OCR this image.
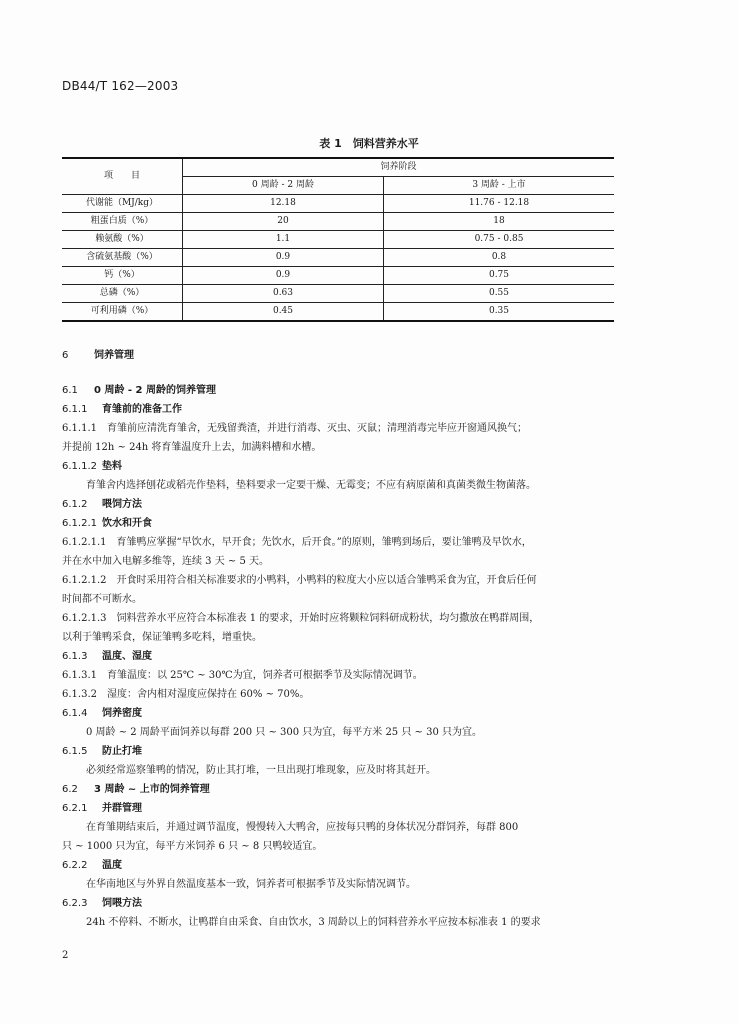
DB44/T 162—2003
表 1　饲料营养水平
项　　目	饲养阶段	
	0 周龄 - 2 周龄	3 周龄 - 上市
代谢能（MJ/kg）	12.18	11.76 - 12.18
粗蛋白质（%）	20	18
赖氨酸（%）	1.1	0.75 - 0.85
含硫氨基酸（%）	0.9	0.8
钙（%）	0.9	0.75
总磷（%）	0.63	0.55
可利用磷（%）	0.45	0.35
6	饲养管理
6.1 0 周龄 - 2 周龄的饲养管理
6.1.1 育雏前的准备工作
6.1.1.1　育雏前应清洗育雏舍，无残留粪渣，并进行消毒、灭虫、灭鼠；清理消毒完毕应开窗通风换气；
并提前 12h ~ 24h 将育雏温度升上去，加满料槽和水槽。
6.1.1.2 垫料
育雏舍内选择刨花或稻壳作垫料，垫料要求一定要干燥、无霉变；不应有病原菌和真菌类微生物菌落。
6.1.2 喂饲方法
6.1.2.1 饮水和开食
6.1.2.1.1　育雏鸭应掌握“早饮水，早开食；先饮水，后开食。”的原则，雏鸭到场后，要让雏鸭及早饮水，
并在水中加入电解多维等，连续 3 天 ~ 5 天。
6.1.2.1.2　开食时采用符合相关标准要求的小鸭料，小鸭料的粒度大小应以适合雏鸭采食为宜，开食后任何
时间都不可断水。
6.1.2.1.3　饲料营养水平应符合本标准表 1 的要求，开始时应将颗粒饲料研成粉状，均匀撒放在鸭群周围，
以利于雏鸭采食，保证雏鸭多吃料，增重快。
6.1.3 温度、湿度
6.1.3.1　育雏温度：以 25℃ ~ 30℃为宜，饲养者可根据季节及实际情况调节。
6.1.3.2　湿度：舍内相对湿度应保持在 60% ~ 70%。
6.1.4 饲养密度
0 周龄 ~ 2 周龄平面饲养以每群 200 只 ~ 300 只为宜，每平方米 25 只 ~ 30 只为宜。
6.1.5 防止打堆
必须经常巡察雏鸭的情况，防止其打堆，一旦出现打堆现象，应及时将其赶开。
6.2 3 周龄 ~ 上市的饲养管理
6.2.1 并群管理
在育雏期结束后，并通过调节温度，慢慢转入大鸭舍，应按每只鸭的身体状况分群饲养，每群 800
只 ~ 1000 只为宜，每平方米饲养 6 只 ~ 8 只鸭较适宜。
6.2.2 温度
在华南地区与外界自然温度基本一致，饲养者可根据季节及实际情况调节。
6.2.3 饲喂方法
24h 不停料、不断水，让鸭群自由采食、自由饮水，3 周龄以上的饲料营养水平应按本标准表 1 的要求
2
